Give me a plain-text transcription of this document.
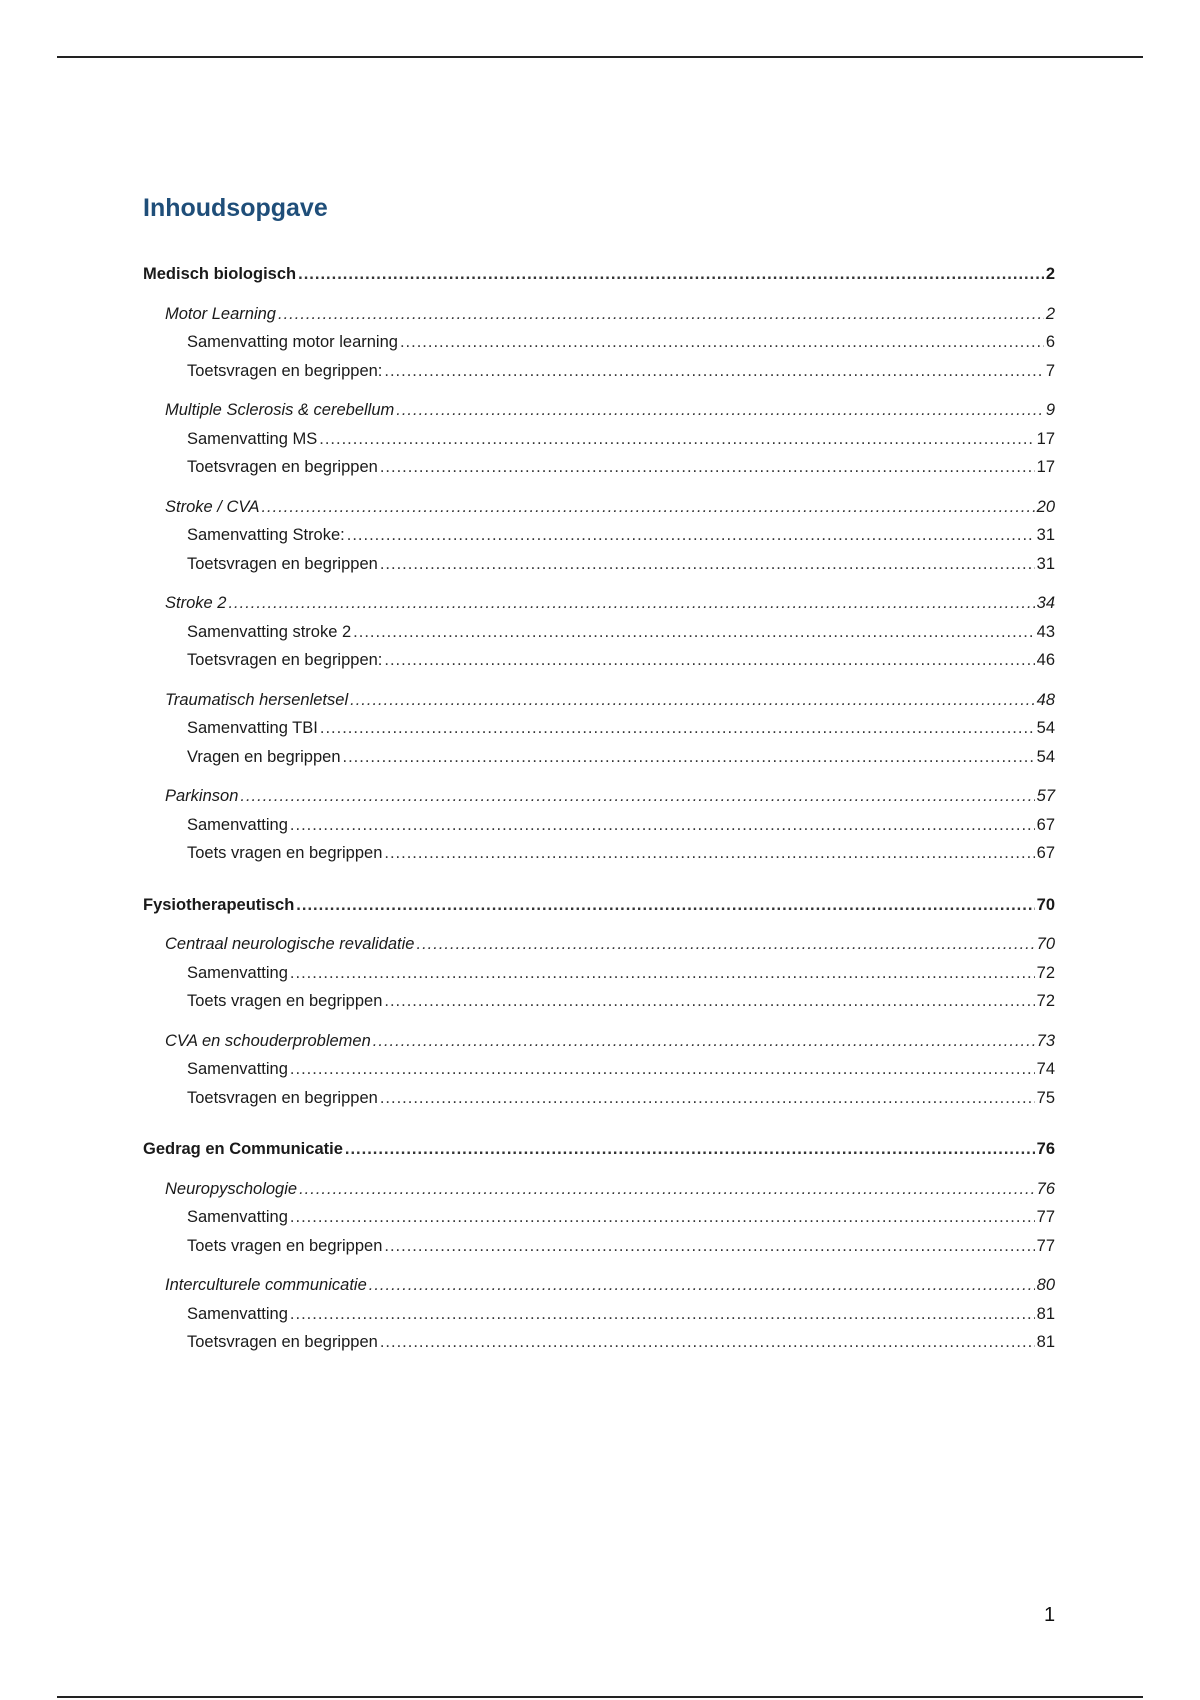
Inhoudsopgave
Medisch biologisch .....	2
Motor Learning .....	2
Samenvatting motor learning .....	6
Toetsvragen en begrippen: .....	7
Multiple Sclerosis & cerebellum .....	9
Samenvatting MS .....	17
Toetsvragen en begrippen .....	17
Stroke / CVA .....	20
Samenvatting Stroke: .....	31
Toetsvragen en begrippen .....	31
Stroke 2 .....	34
Samenvatting stroke 2 .....	43
Toetsvragen en begrippen: .....	46
Traumatisch hersenletsel .....	48
Samenvatting TBI .....	54
Vragen en begrippen .....	54
Parkinson .....	57
Samenvatting .....	67
Toets vragen en begrippen .....	67
Fysiotherapeutisch .....	70
Centraal neurologische revalidatie .....	70
Samenvatting .....	72
Toets vragen en begrippen .....	72
CVA en schouderproblemen .....	73
Samenvatting .....	74
Toetsvragen en begrippen .....	75
Gedrag en Communicatie .....	76
Neuropyschologie .....	76
Samenvatting .....	77
Toets vragen en begrippen .....	77
Interculturele communicatie .....	80
Samenvatting .....	81
Toetsvragen en begrippen .....	81
1
